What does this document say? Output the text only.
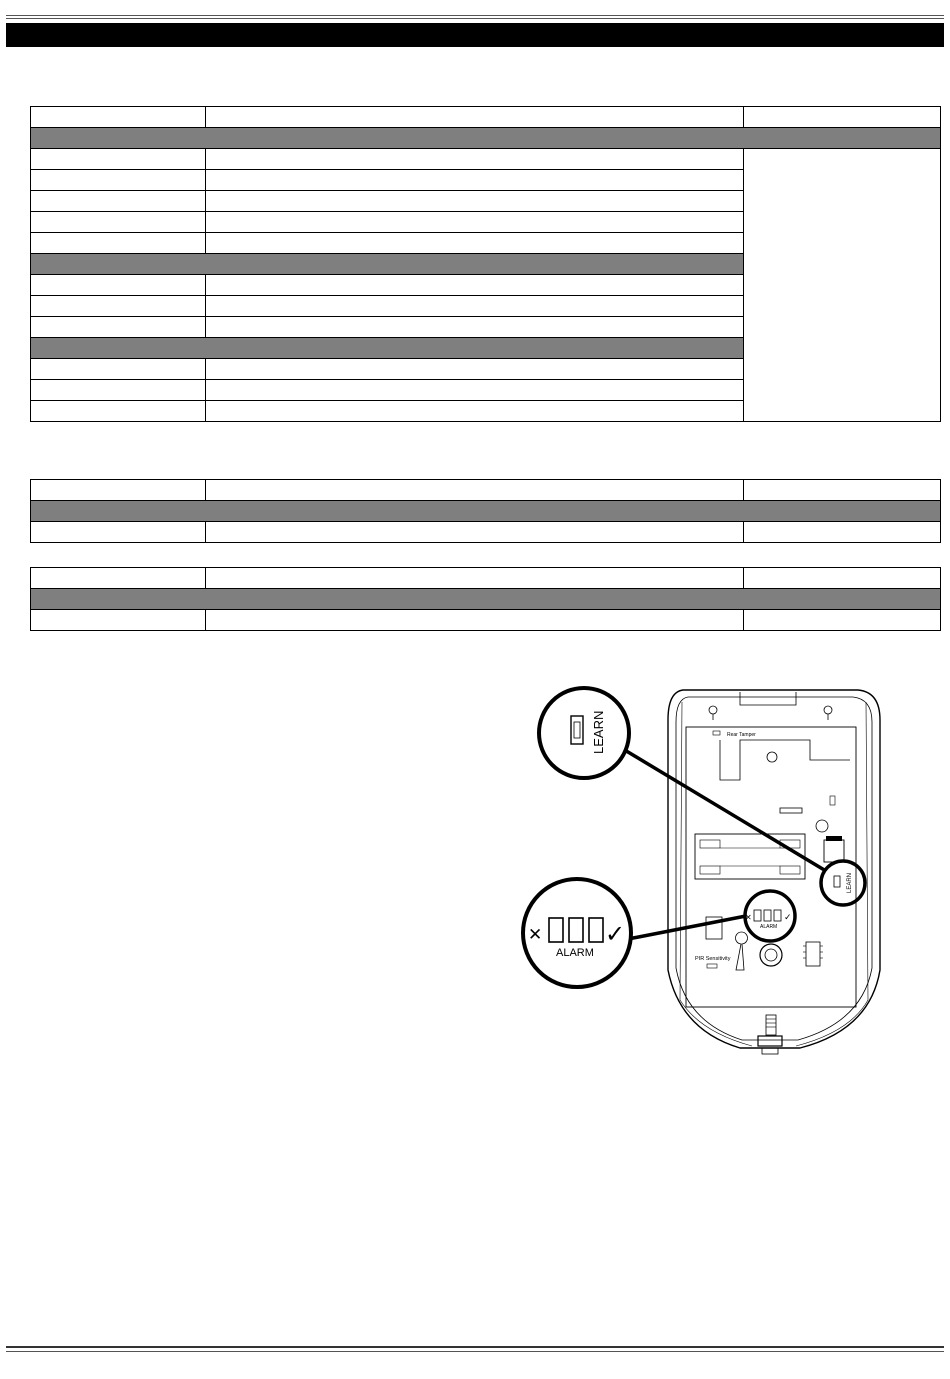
Rear Tamper
LEARN
PIR Sensitivity
✕	✓
ALARM
LEARN
✕	✓
ALARM
